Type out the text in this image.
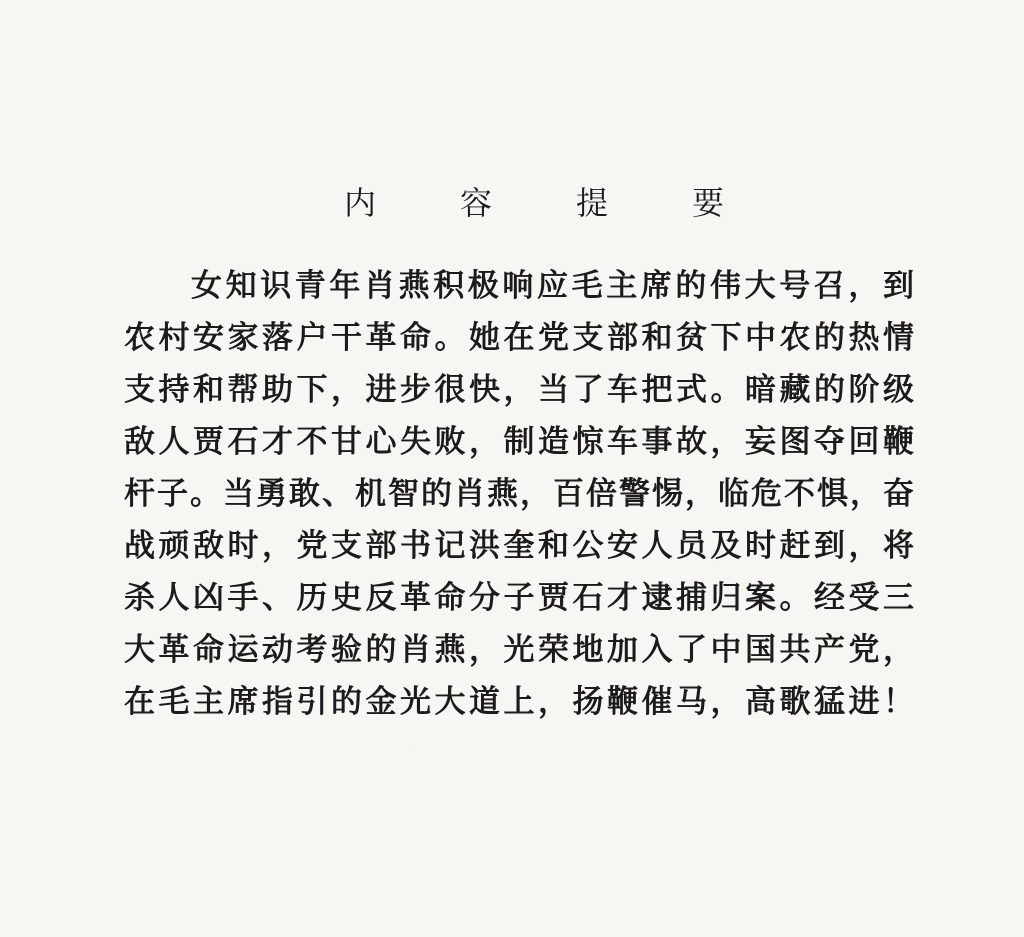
内	容	提	要
女知识青年肖燕积极响应毛主席的伟大号召，到
农村安家落户干革命。她在党支部和贫下中农的热情
支持和帮助下，进步很快，当了车把式。暗藏的阶级
敌人贾石才不甘心失败，制造惊车事故，妄图夺回鞭
杆子。当勇敢、机智的肖燕，百倍警惕，临危不惧，奋
战顽敌时，党支部书记洪奎和公安人员及时赶到，将
杀人凶手、历史反革命分子贾石才逮捕归案。经受三
大革命运动考验的肖燕，光荣地加入了中国共产党，
在毛主席指引的金光大道上，扬鞭催马，高歌猛进！
